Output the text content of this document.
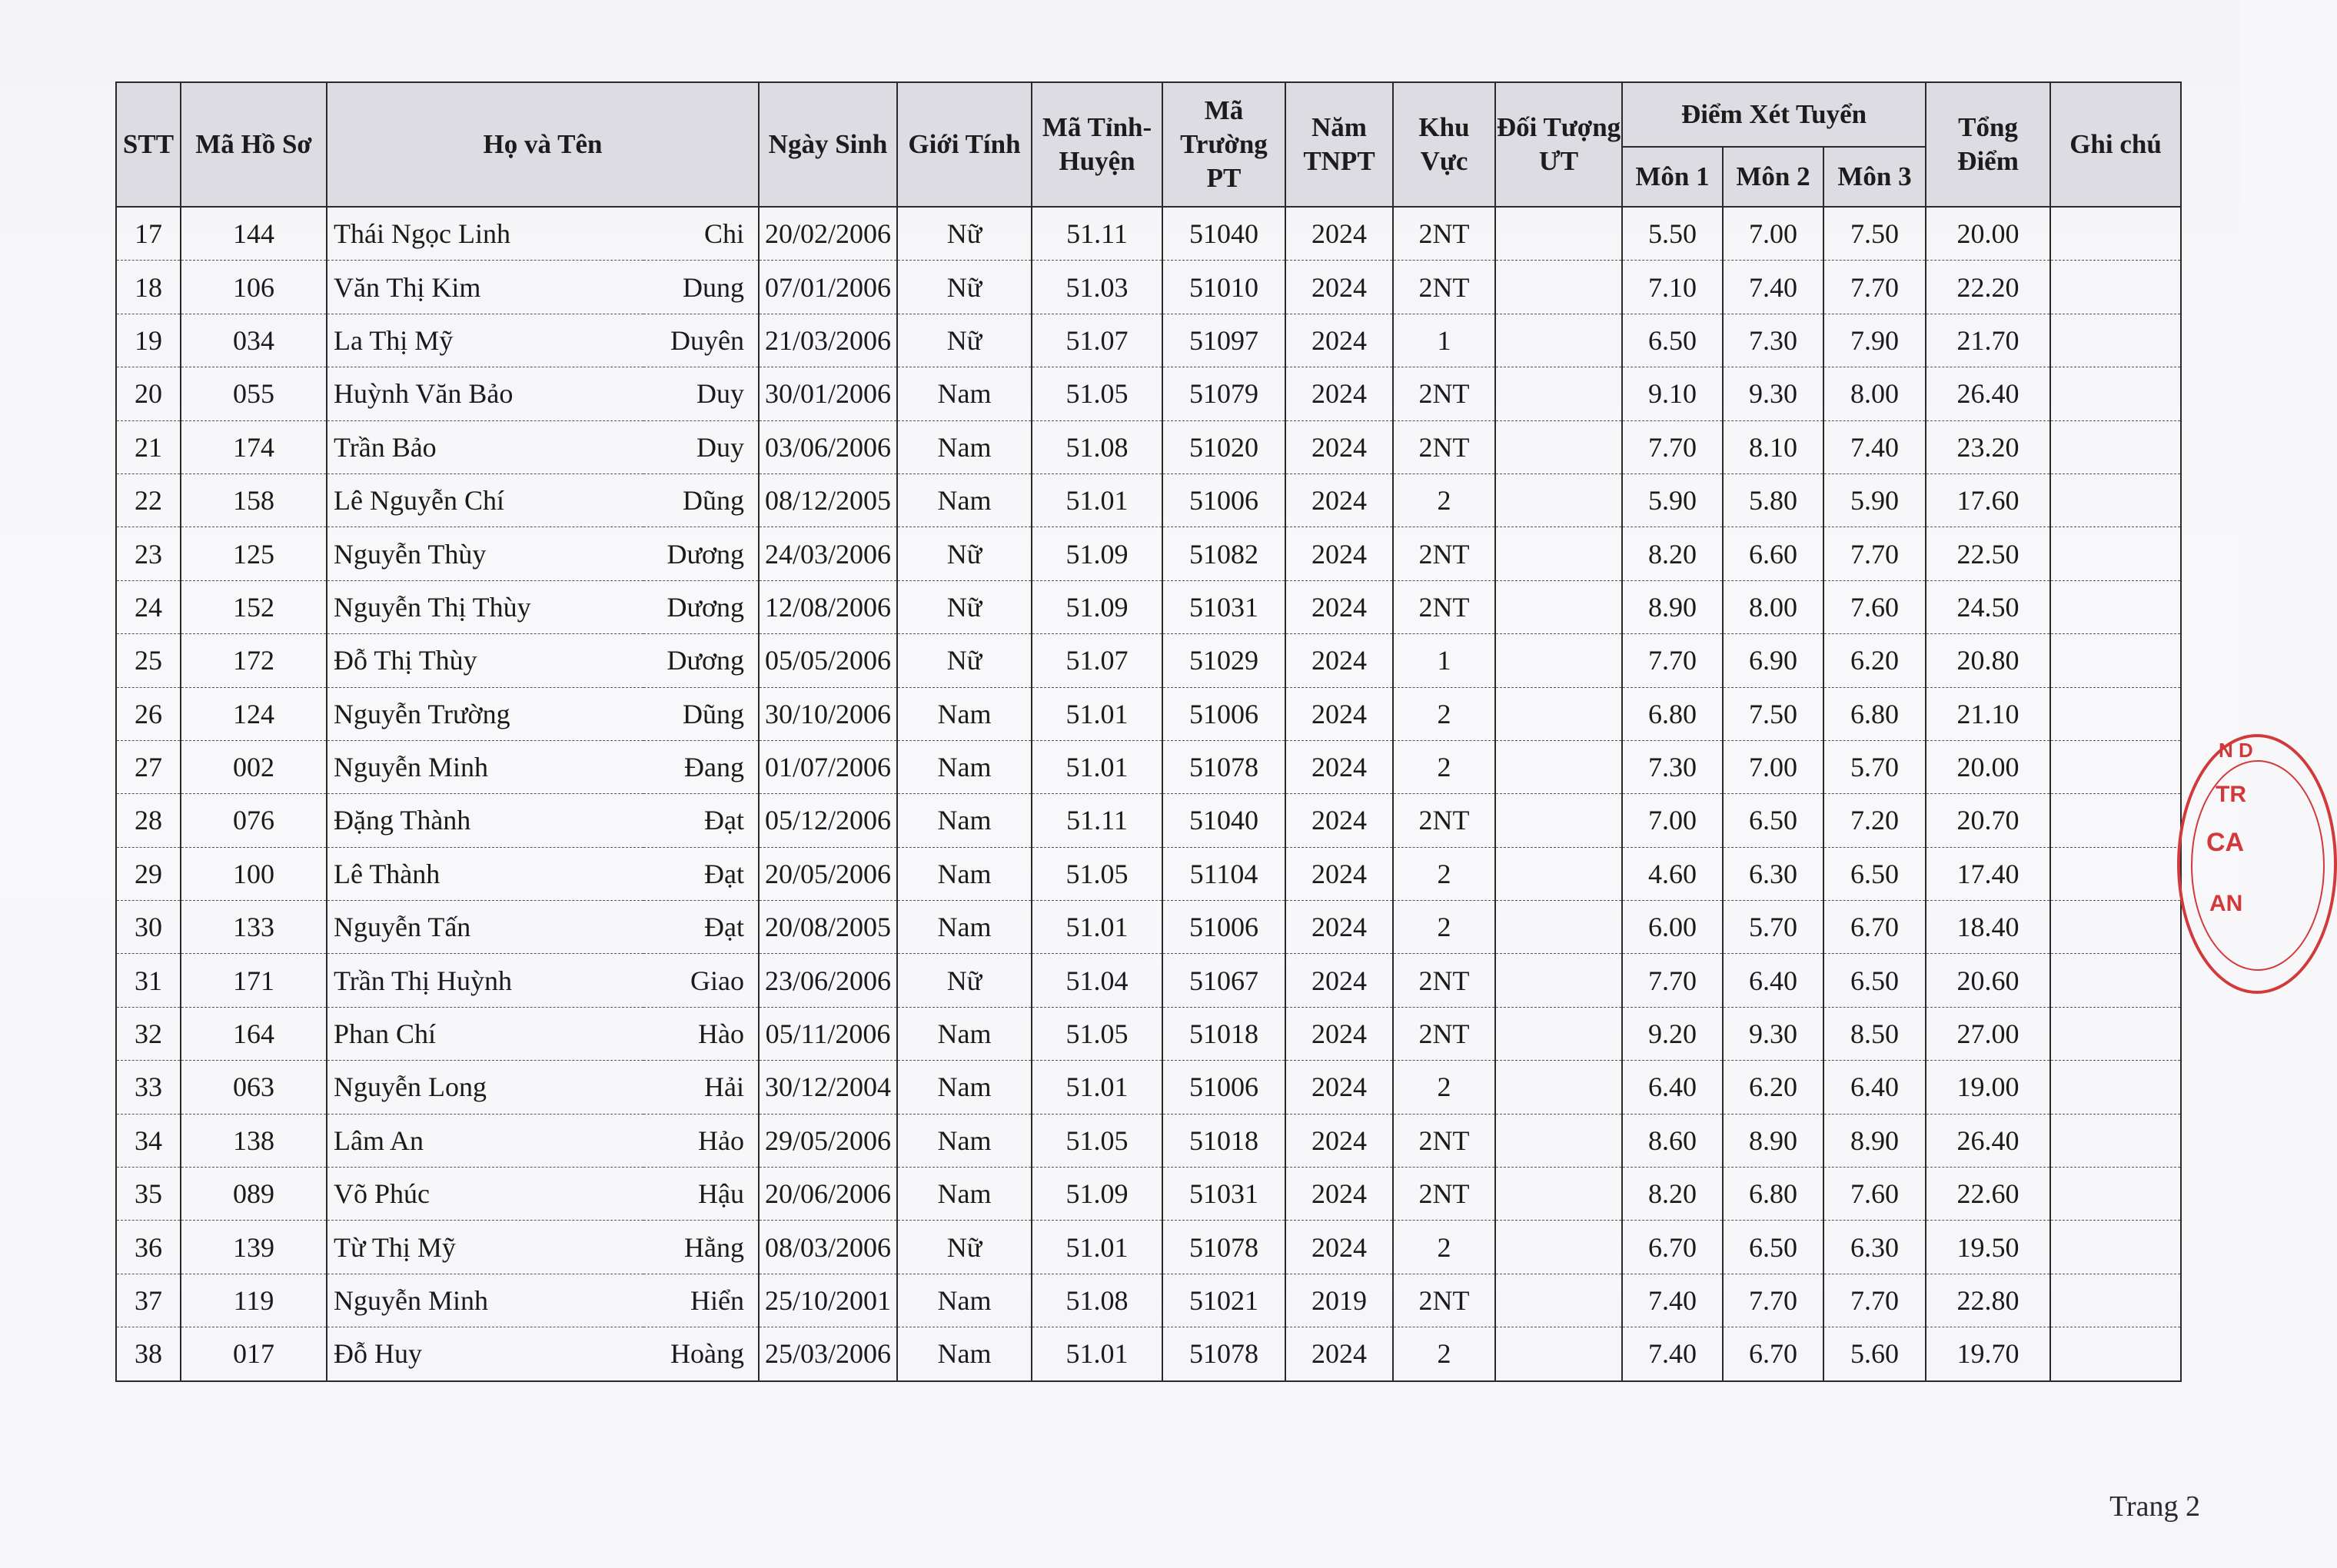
STT	Mã Hồ Sơ	Họ và Tên		Ngày Sinh	Giới Tính	Mã Tỉnh-Huyện	Mã Trường PT	Năm TNPT	Khu Vực	Đối Tượng ƯT	Điểm Xét Tuyển			Tổng Điểm	Ghi chú
											Môn 1	Môn 2	Môn 3		
17	144	Thái Ngọc Linh	Chi	20/02/2006	Nữ	51.11	51040	2024	2NT		5.50	7.00	7.50	20.00	
18	106	Văn Thị Kim	Dung	07/01/2006	Nữ	51.03	51010	2024	2NT		7.10	7.40	7.70	22.20	
19	034	La Thị Mỹ	Duyên	21/03/2006	Nữ	51.07	51097	2024	1		6.50	7.30	7.90	21.70	
20	055	Huỳnh Văn Bảo	Duy	30/01/2006	Nam	51.05	51079	2024	2NT		9.10	9.30	8.00	26.40	
21	174	Trần Bảo	Duy	03/06/2006	Nam	51.08	51020	2024	2NT		7.70	8.10	7.40	23.20	
22	158	Lê Nguyễn Chí	Dũng	08/12/2005	Nam	51.01	51006	2024	2		5.90	5.80	5.90	17.60	
23	125	Nguyễn Thùy	Dương	24/03/2006	Nữ	51.09	51082	2024	2NT		8.20	6.60	7.70	22.50	
24	152	Nguyễn Thị Thùy	Dương	12/08/2006	Nữ	51.09	51031	2024	2NT		8.90	8.00	7.60	24.50	
25	172	Đỗ Thị Thùy	Dương	05/05/2006	Nữ	51.07	51029	2024	1		7.70	6.90	6.20	20.80	
26	124	Nguyễn Trường	Dũng	30/10/2006	Nam	51.01	51006	2024	2		6.80	7.50	6.80	21.10	
27	002	Nguyễn Minh	Đang	01/07/2006	Nam	51.01	51078	2024	2		7.30	7.00	5.70	20.00	
28	076	Đặng Thành	Đạt	05/12/2006	Nam	51.11	51040	2024	2NT		7.00	6.50	7.20	20.70	
29	100	Lê Thành	Đạt	20/05/2006	Nam	51.05	51104	2024	2		4.60	6.30	6.50	17.40	
30	133	Nguyễn Tấn	Đạt	20/08/2005	Nam	51.01	51006	2024	2		6.00	5.70	6.70	18.40	
31	171	Trần Thị Huỳnh	Giao	23/06/2006	Nữ	51.04	51067	2024	2NT		7.70	6.40	6.50	20.60	
32	164	Phan Chí	Hào	05/11/2006	Nam	51.05	51018	2024	2NT		9.20	9.30	8.50	27.00	
33	063	Nguyễn Long	Hải	30/12/2004	Nam	51.01	51006	2024	2		6.40	6.20	6.40	19.00	
34	138	Lâm An	Hảo	29/05/2006	Nam	51.05	51018	2024	2NT		8.60	8.90	8.90	26.40	
35	089	Võ Phúc	Hậu	20/06/2006	Nam	51.09	51031	2024	2NT		8.20	6.80	7.60	22.60	
36	139	Từ Thị Mỹ	Hằng	08/03/2006	Nữ	51.01	51078	2024	2		6.70	6.50	6.30	19.50	
37	119	Nguyễn Minh	Hiển	25/10/2001	Nam	51.08	51021	2019	2NT		7.40	7.70	7.70	22.80	
38	017	Đỗ Huy	Hoàng	25/03/2006	Nam	51.01	51078	2024	2		7.40	6.70	5.60	19.70	
N D
TR
CA
AN
Trang 2
